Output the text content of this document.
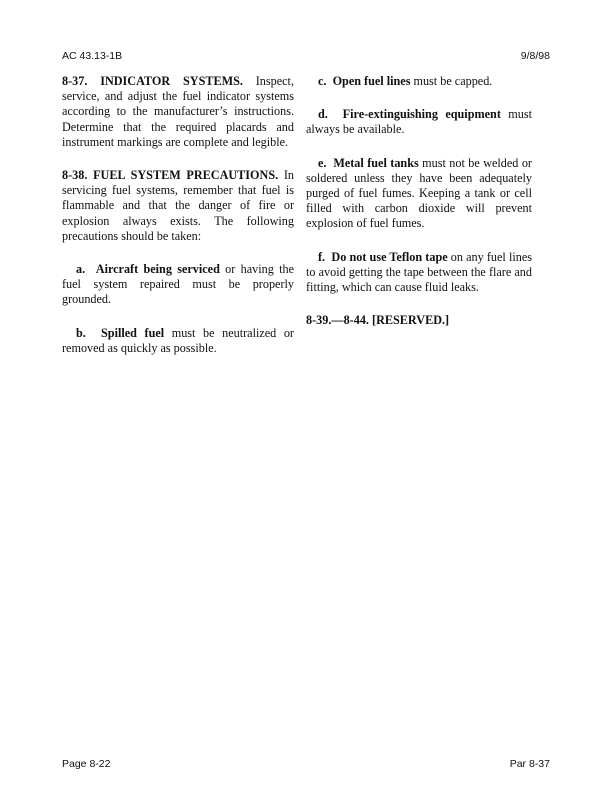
AC 43.13-1B	9/8/98

8-37. INDICATOR SYSTEMS. Inspect, service, and adjust the fuel indicator systems according to the manufacturer’s instructions. Determine that the required placards and instrument markings are complete and legible.

8-38. FUEL SYSTEM PRECAUTIONS. In servicing fuel systems, remember that fuel is flammable and that the danger of fire or explosion always exists. The following precautions should be taken:

a. Aircraft being serviced or having the fuel system repaired must be properly grounded.

b. Spilled fuel must be neutralized or removed as quickly as possible.

c. Open fuel lines must be capped.

d. Fire-extinguishing equipment must always be available.

e. Metal fuel tanks must not be welded or soldered unless they have been adequately purged of fuel fumes. Keeping a tank or cell filled with carbon dioxide will prevent explosion of fuel fumes.

f. Do not use Teflon tape on any fuel lines to avoid getting the tape between the flare and fitting, which can cause fluid leaks.

8-39.—8-44. [RESERVED.]

Page 8-22	Par 8-37
